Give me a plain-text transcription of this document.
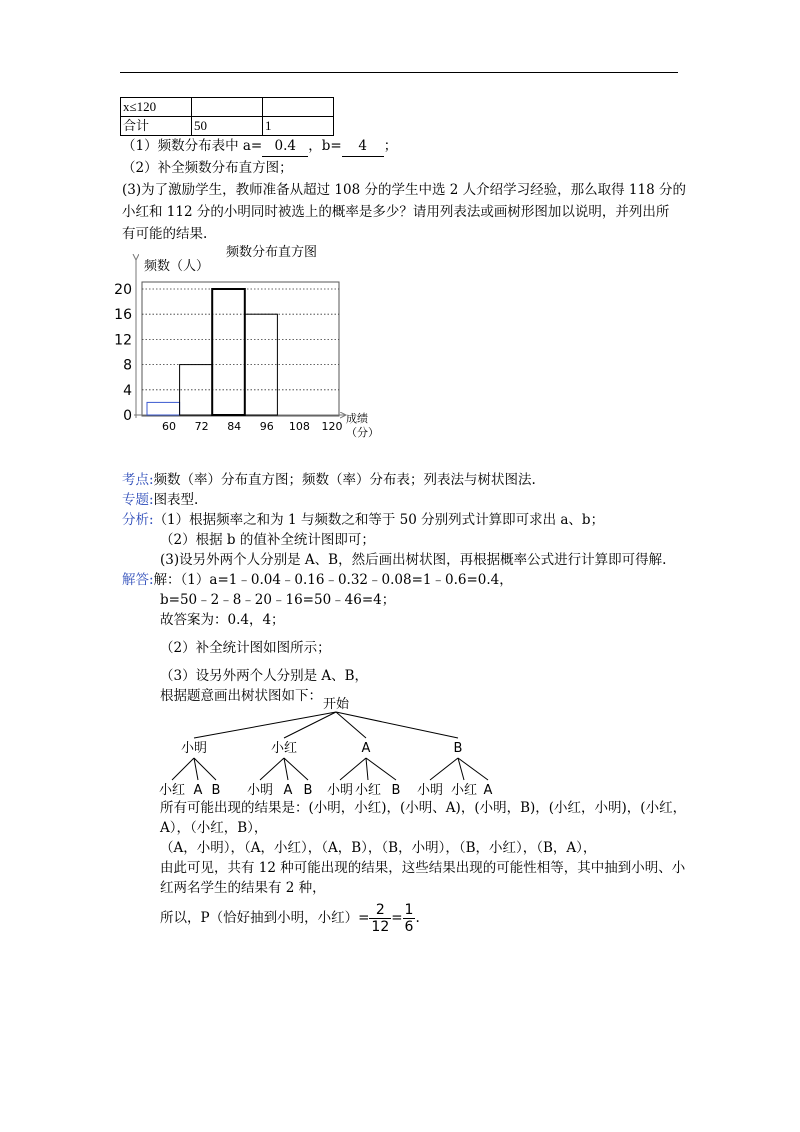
x≤120		
合计	50	1
（1）频数分布表中 a= 0.4 ，b= 4 ；
（2）补全频数分布直方图；
(3)为了激励学生，教师准备从超过 108 分的学生中选 2 人介绍学习经验，那么取得 118 分的
小红和 112 分的小明同时被选上的概率是多少？请用列表法或画树形图加以说明，并列出所
有可能的结果.
频数分布直方图
频数（人）
成绩
（分）
0
4
8
12
16
20
60 72 84 96 108 120
考点:频数（率）分布直方图；频数（率）分布表；列表法与树状图法.
专题:图表型.
分析:（1）根据频率之和为 1 与频数之和等于 50 分别列式计算即可求出 a、b；
（2）根据 b 的值补全统计图即可；
(3)设另外两个人分别是 A、B，然后画出树状图，再根据概率公式进行计算即可得解.
解答:解：（1）a=1﹣0.04﹣0.16﹣0.32﹣0.08=1﹣0.6=0.4，
b=50﹣2﹣8﹣20﹣16=50﹣46=4；
故答案为：0.4，4；
（2）补全统计图如图所示；
（3）设另外两个人分别是 A、B，
根据题意画出树状图如下：
开始
小明	小红	A	B
小红 A B 小明 A B 小明 小红 B 小明 小红 A
所有可能出现的结果是：(小明，小红)，(小明、A)，(小明，B)，(小红，小明)，(小红，
A），（小红，B），
（A，小明），（A，小红），（A，B），（B，小明），（B，小红），（B，A），
由此可见，共有 12 种可能出现的结果，这些结果出现的可能性相等，其中抽到小明、小
红两名学生的结果有 2 种，
所以，P（恰好抽到小明，小红）= $\frac{2}{12} = \frac{1}{6}$ .
